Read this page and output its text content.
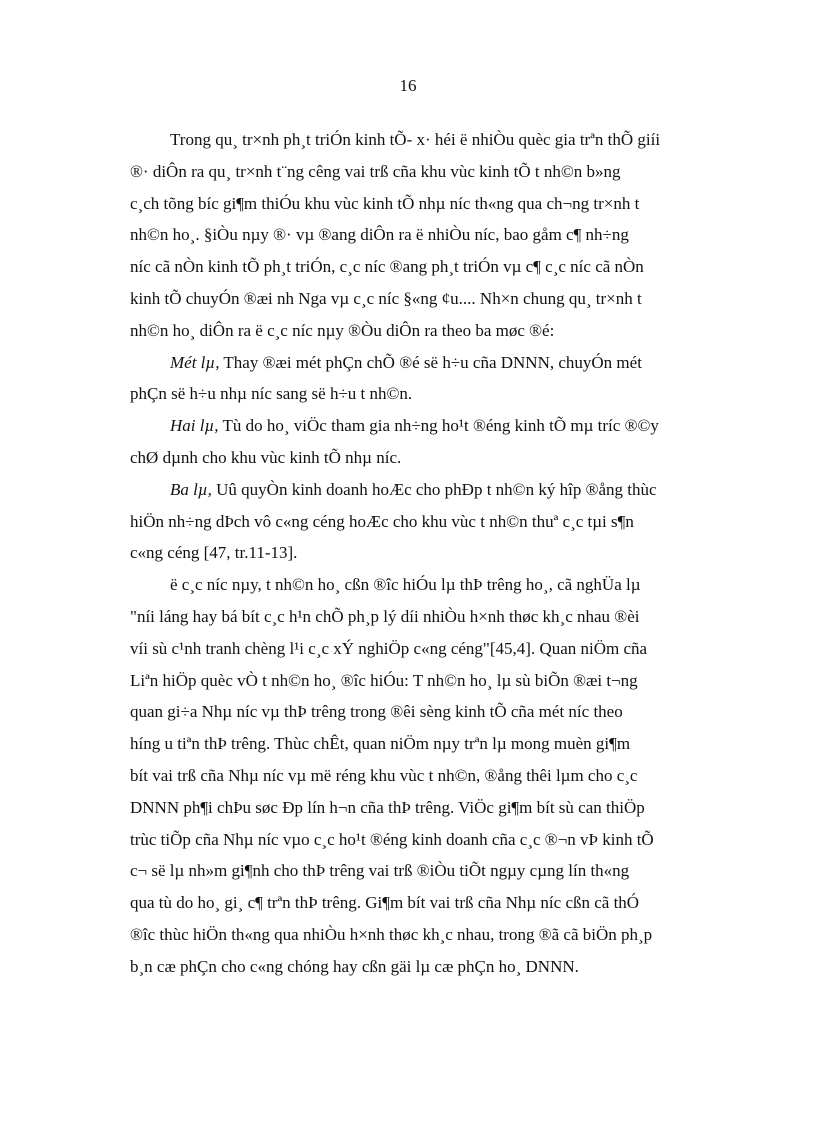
16

Trong qu¸ tr×nh ph¸t triÓn kinh tÕ- x· héi ë nhiÒu quèc gia trªn thÕ giíi
®· diÔn ra qu¸ tr×nh t¨ng cêng vai trß cña khu vùc kinh tÕ t nh©n b»ng
c¸ch tõng bíc gi¶m thiÓu khu vùc kinh tÕ nhµ níc th«ng qua ch¬ng tr×nh t
nh©n ho¸. §iÒu nµy ®· vµ ®ang diÔn ra ë nhiÒu níc, bao gåm c¶ nh÷ng
níc cã nÒn kinh tÕ ph¸t triÓn, c¸c níc ®ang ph¸t triÓn vµ c¶ c¸c níc cã nÒn
kinh tÕ chuyÓn ®æi nh Nga vµ c¸c níc §«ng ¢u.... Nh×n chung qu¸ tr×nh t
nh©n ho¸ diÔn ra ë c¸c níc nµy ®Òu diÔn ra theo ba møc ®é:

Mét lµ, Thay ®æi mét phÇn chÕ ®é së h÷u cña DNNN, chuyÓn mét
phÇn së h÷u nhµ níc sang së h÷u t nh©n.

Hai lµ, Tù do ho¸ viÖc tham gia nh÷ng ho¹t ®éng kinh tÕ mµ tríc ®©y
chØ dµnh cho khu vùc kinh tÕ nhµ níc.

Ba lµ, Uû quyÒn kinh doanh hoÆc cho phÐp t nh©n ký hîp ®ång thùc
hiÖn nh÷ng dÞch vô c«ng céng hoÆc cho khu vùc t nh©n thuª c¸c tµi s¶n
c«ng céng [47, tr.11-13].

ë c¸c níc nµy, t nh©n ho¸ cßn ®îc hiÓu lµ thÞ trêng ho¸, cã nghÜa lµ
"níi láng hay bá bít c¸c h¹n chÕ ph¸p lý díi nhiÒu h×nh thøc kh¸c nhau ®èi
víi sù c¹nh tranh chèng l¹i c¸c xÝ nghiÖp c«ng céng"[45,4]. Quan niÖm cña
Liªn hiÖp quèc vÒ t nh©n ho¸ ®îc hiÓu: T nh©n ho¸ lµ sù biÕn ®æi t¬ng
quan gi÷a Nhµ níc vµ thÞ trêng trong ®êi sèng kinh tÕ cña mét níc theo
híng u tiªn thÞ trêng. Thùc chÊt, quan niÖm nµy trªn lµ mong muèn gi¶m
bít vai trß cña Nhµ níc vµ më réng khu vùc t nh©n, ®ång thêi lµm cho c¸c
DNNN ph¶i chÞu søc Ðp lín h¬n cña thÞ trêng. ViÖc gi¶m bít sù can thiÖp
trùc tiÕp cña Nhµ níc vµo c¸c ho¹t ®éng kinh doanh cña c¸c ®¬n vÞ kinh tÕ
c¬ së lµ nh»m gi¶nh cho thÞ trêng vai trß ®iÒu tiÕt ngµy cµng lín th«ng
qua tù do ho¸ gi¸ c¶ trªn thÞ trêng. Gi¶m bít vai trß cña Nhµ níc cßn cã thÓ
®îc thùc hiÖn th«ng qua nhiÒu h×nh thøc kh¸c nhau, trong ®ã cã biÖn ph¸p
b¸n cæ phÇn cho c«ng chóng hay cßn gäi lµ cæ phÇn ho¸ DNNN.
